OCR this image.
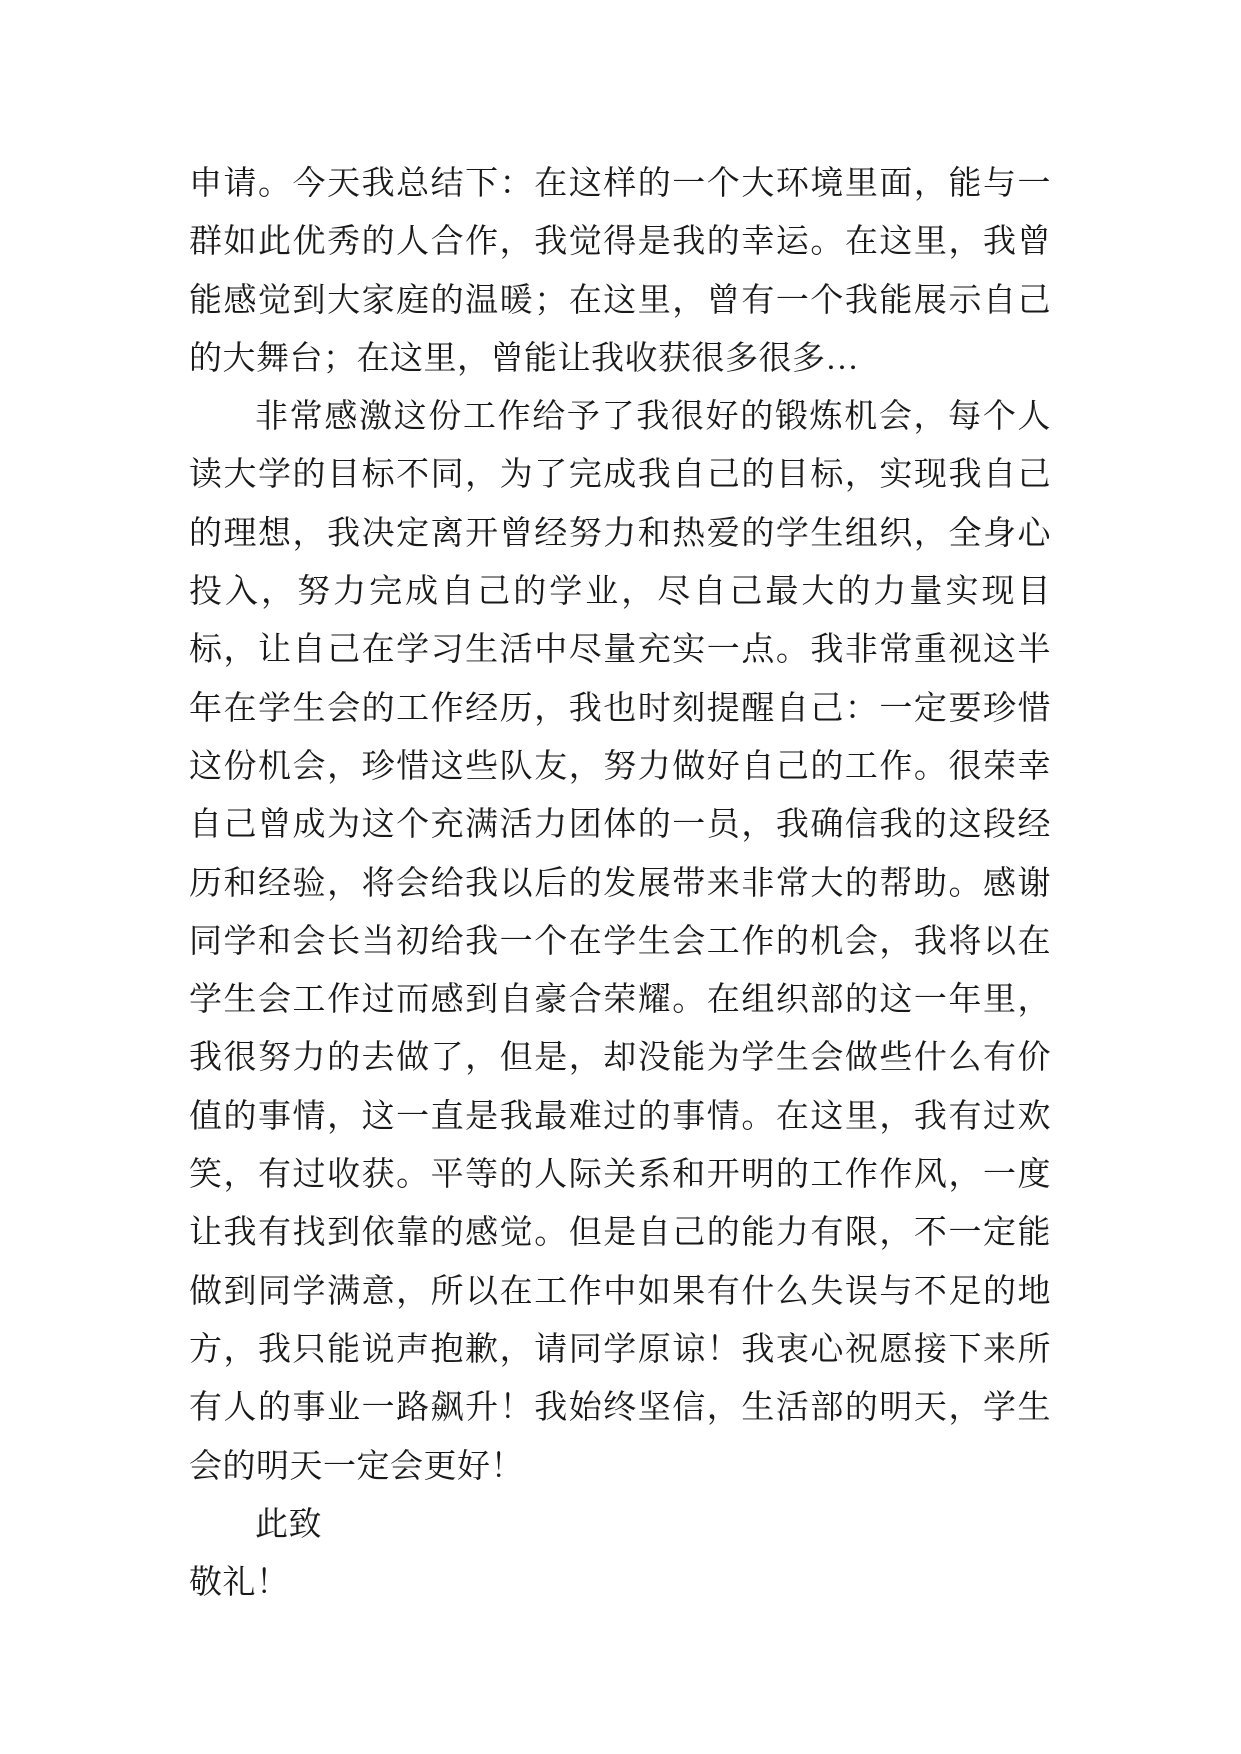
申请。今天我总结下：在这样的一个大环境里面，能与一群如此优秀的人合作，我觉得是我的幸运。在这里，我曾能感觉到大家庭的温暖；在这里，曾有一个我能展示自己的大舞台；在这里，曾能让我收获很多很多…

非常感激这份工作给予了我很好的锻炼机会，每个人读大学的目标不同，为了完成我自己的目标，实现我自己的理想，我决定离开曾经努力和热爱的学生组织，全身心投入，努力完成自己的学业，尽自己最大的力量实现目标，让自己在学习生活中尽量充实一点。我非常重视这半年在学生会的工作经历，我也时刻提醒自己：一定要珍惜这份机会，珍惜这些队友，努力做好自己的工作。很荣幸自己曾成为这个充满活力团体的一员，我确信我的这段经历和经验，将会给我以后的发展带来非常大的帮助。感谢同学和会长当初给我一个在学生会工作的机会，我将以在学生会工作过而感到自豪合荣耀。在组织部的这一年里，我很努力的去做了，但是，却没能为学生会做些什么有价值的事情，这一直是我最难过的事情。在这里，我有过欢笑，有过收获。平等的人际关系和开明的工作作风，一度让我有找到依靠的感觉。但是自己的能力有限，不一定能做到同学满意，所以在工作中如果有什么失误与不足的地方，我只能说声抱歉，请同学原谅！我衷心祝愿接下来所有人的事业一路飙升！我始终坚信，生活部的明天，学生会的明天一定会更好！

此致

敬礼！
